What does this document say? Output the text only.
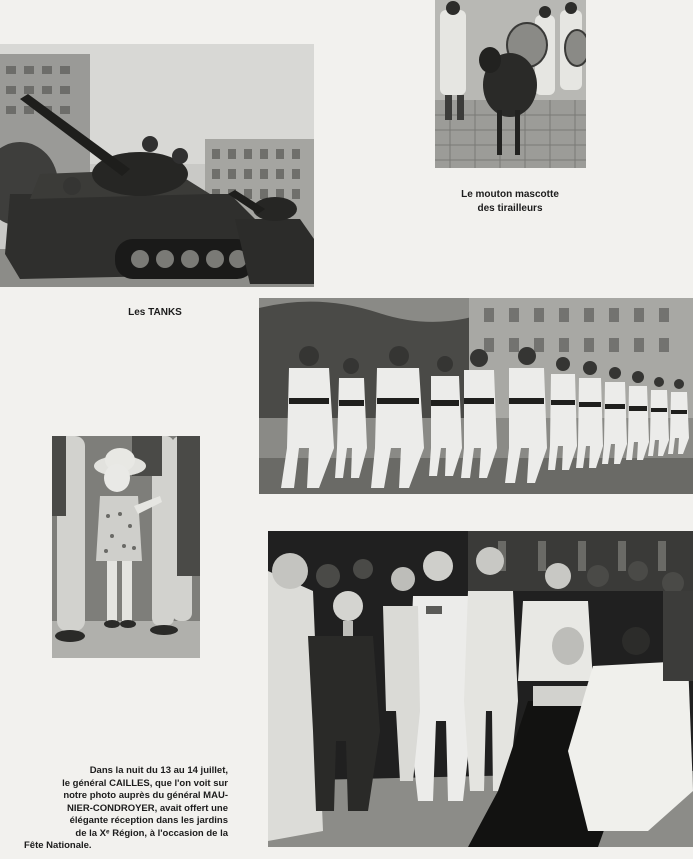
Le mouton mascotte
des tirailleurs
Les TANKS
Dans la nuit du 13 au 14 juillet,
le général CAILLES, que l'on voit sur
notre photo auprès du général MAU-
NIER-CONDROYER, avait offert une
élégante réception dans les jardins
de la Xᵉ Région, à l'occasion de la
Fête Nationale.
